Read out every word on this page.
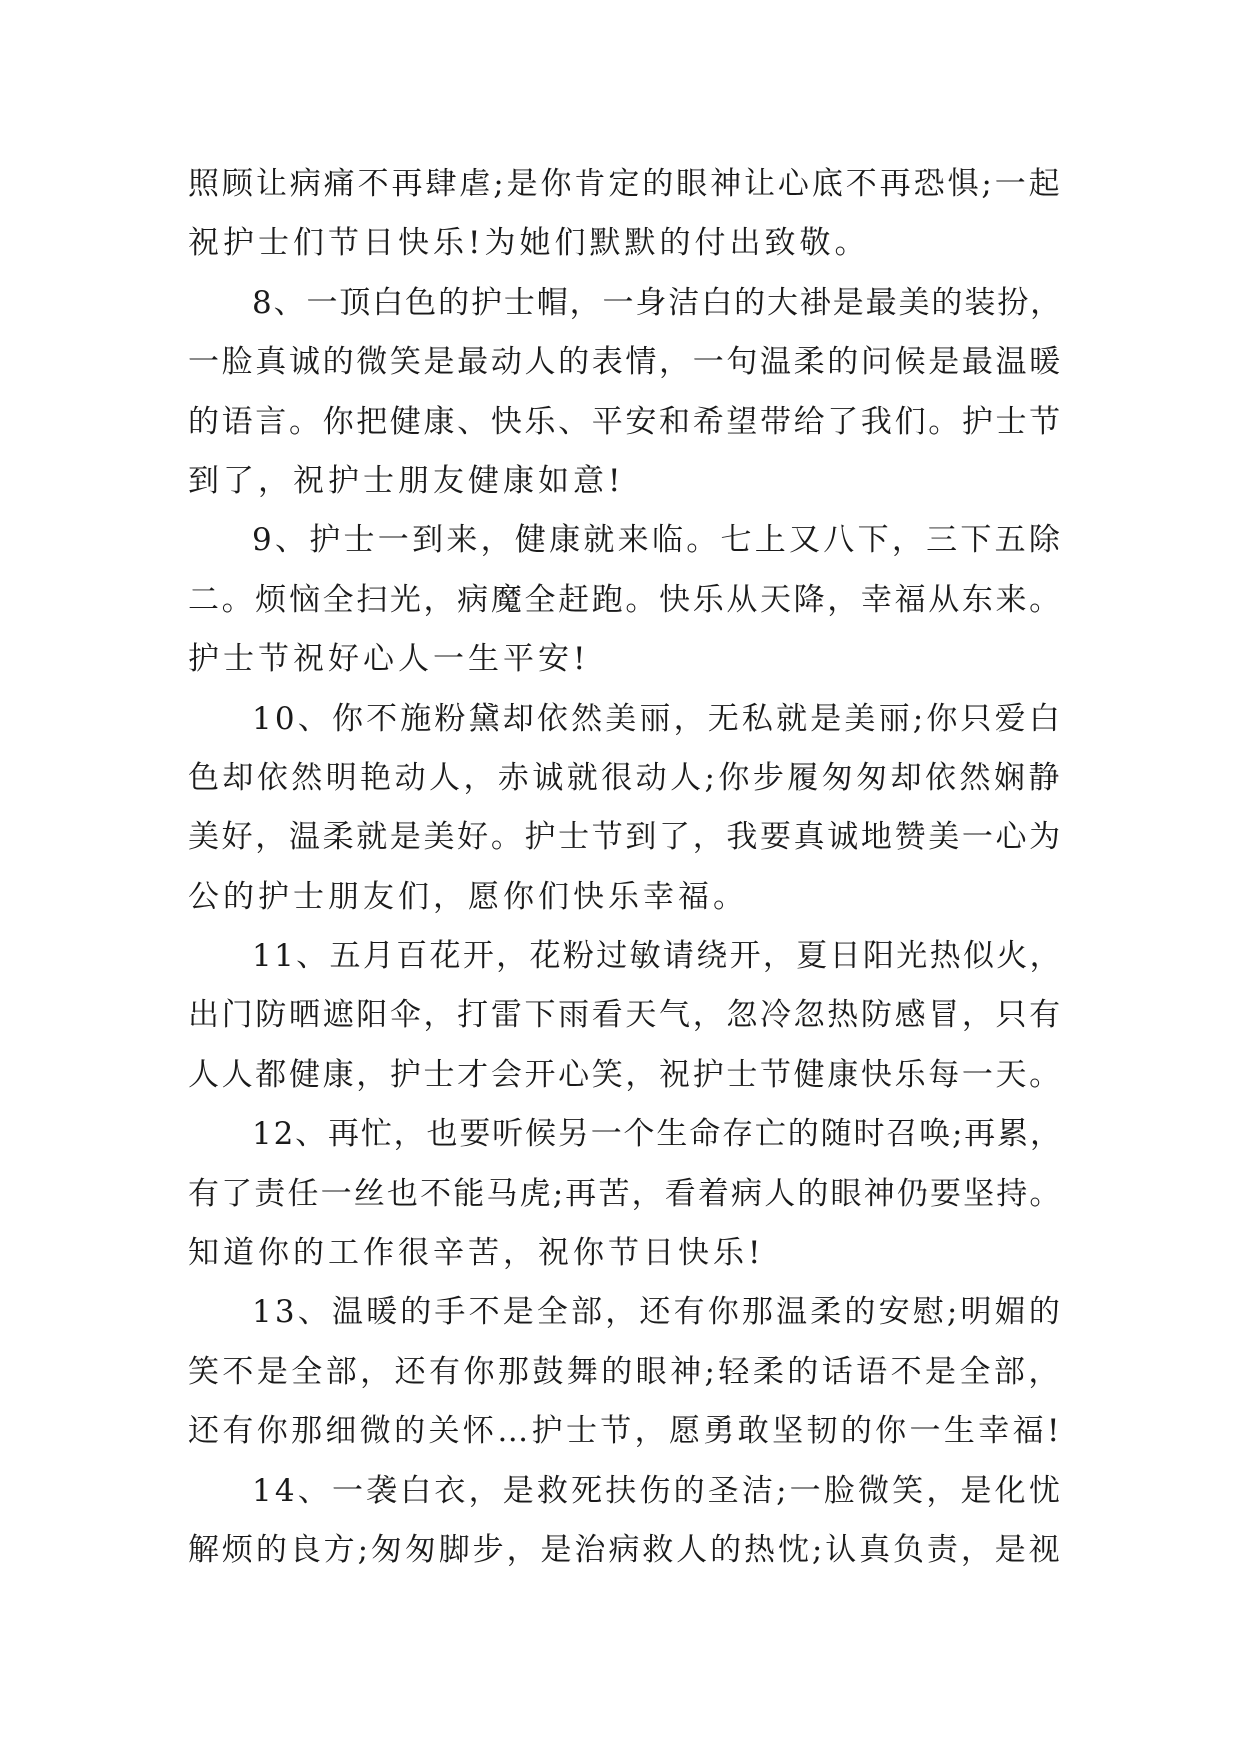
照顾让病痛不再肆虐;是你肯定的眼神让心底不再恐惧;一起
祝护士们节日快乐!为她们默默的付出致敬。
8、一顶白色的护士帽，一身洁白的大褂是最美的装扮，
一脸真诚的微笑是最动人的表情，一句温柔的问候是最温暖
的语言。你把健康、快乐、平安和希望带给了我们。护士节
到了，祝护士朋友健康如意!
9、护士一到来，健康就来临。七上又八下，三下五除
二。烦恼全扫光，病魔全赶跑。快乐从天降，幸福从东来。
护士节祝好心人一生平安!
10、你不施粉黛却依然美丽，无私就是美丽;你只爱白
色却依然明艳动人，赤诚就很动人;你步履匆匆却依然娴静
美好，温柔就是美好。护士节到了，我要真诚地赞美一心为
公的护士朋友们，愿你们快乐幸福。
11、五月百花开，花粉过敏请绕开，夏日阳光热似火，
出门防晒遮阳伞，打雷下雨看天气，忽冷忽热防感冒，只有
人人都健康，护士才会开心笑，祝护士节健康快乐每一天。
12、再忙，也要听候另一个生命存亡的随时召唤;再累，
有了责任一丝也不能马虎;再苦，看着病人的眼神仍要坚持。
知道你的工作很辛苦，祝你节日快乐!
13、温暖的手不是全部，还有你那温柔的安慰;明媚的
笑不是全部，还有你那鼓舞的眼神;轻柔的话语不是全部，
还有你那细微的关怀…护士节，愿勇敢坚韧的你一生幸福!
14、一袭白衣，是救死扶伤的圣洁;一脸微笑，是化忧
解烦的良方;匆匆脚步，是治病救人的热忱;认真负责，是视
